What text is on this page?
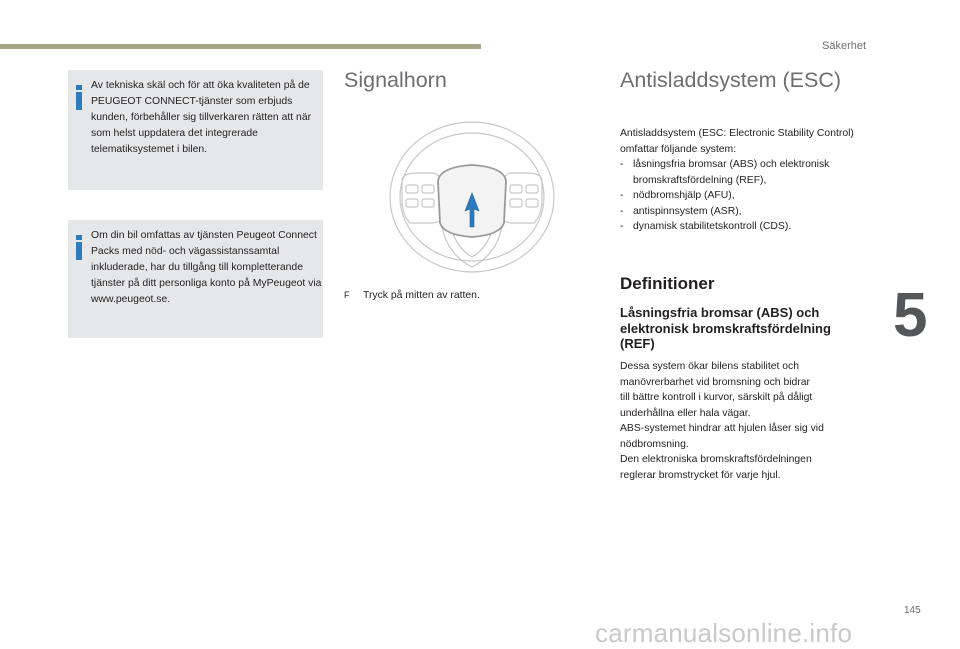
Säkerhet
5

Av tekniska skäl och för att öka kvaliteten på de PEUGEOT CONNECT-tjänster som erbjuds kunden, förbehåller sig tillverkaren rätten att när som helst uppdatera det integrerade telematiksystemet i bilen.

Om din bil omfattas av tjänsten Peugeot Connect Packs med nöd- och vägassistanssamtal inkluderade, har du tillgång till kompletterande tjänster på ditt personliga konto på MyPeugeot via www.peugeot.se.

Signalhorn

F Tryck på mitten av ratten.

Antisladdsystem (ESC)

Antisladdsystem (ESC: Electronic Stability Control) omfattar följande system:

- låsningsfria bromsar (ABS) och elektronisk bromskraftsfördelning (REF),
- nödbromshjälp (AFU),
- antispinnsystem (ASR),
- dynamisk stabilitetskontroll (CDS).
Definitioner
Låsningsfria bromsar (ABS) och elektronisk bromskraftsfördelning (REF)
Dessa system ökar bilens stabilitet och
manövrerbarhet vid bromsning och bidrar
till bättre kontroll i kurvor, särskilt på dåligt
underhållna eller hala vägar.
ABS-systemet hindrar att hjulen låser sig vid
nödbromsning.
Den elektroniska bromskraftsfördelningen
reglerar bromstrycket för varje hjul.
145
carmanualsonline.info
